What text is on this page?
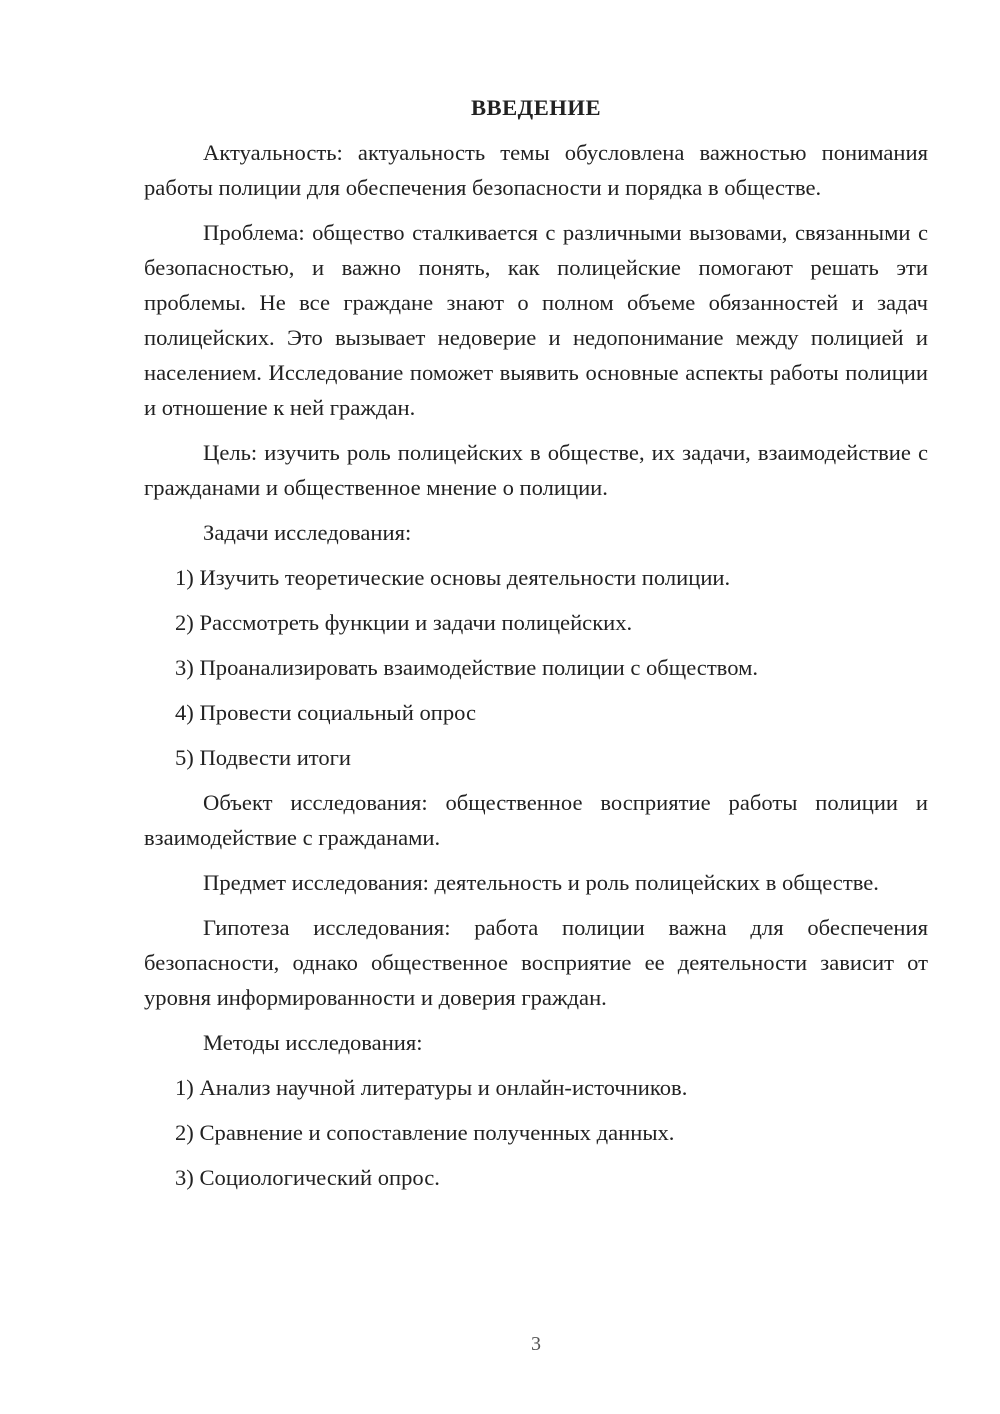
ВВЕДЕНИЕ
Актуальность: актуальность темы обусловлена важностью понимания работы полиции для обеспечения безопасности и порядка в обществе.
Проблема: общество сталкивается с различными вызовами, связанными с безопасностью, и важно понять, как полицейские помогают решать эти проблемы. Не все граждане знают о полном объеме обязанностей и задач полицейских. Это вызывает недоверие и недопонимание между полицией и населением. Исследование поможет выявить основные аспекты работы полиции и отношение к ней граждан.
Цель: изучить роль полицейских в обществе, их задачи, взаимодействие с гражданами и общественное мнение о полиции.
Задачи исследования:
1) Изучить теоретические основы деятельности полиции.
2) Рассмотреть функции и задачи полицейских.
3) Проанализировать взаимодействие полиции с обществом.
4) Провести социальный опрос
5) Подвести итоги
Объект исследования: общественное восприятие работы полиции и взаимодействие с гражданами.
Предмет исследования: деятельность и роль полицейских в обществе.
Гипотеза исследования: работа полиции важна для обеспечения безопасности, однако общественное восприятие ее деятельности зависит от уровня информированности и доверия граждан.
Методы исследования:
1) Анализ научной литературы и онлайн-источников.
2) Сравнение и сопоставление полученных данных.
3) Социологический опрос.
3
